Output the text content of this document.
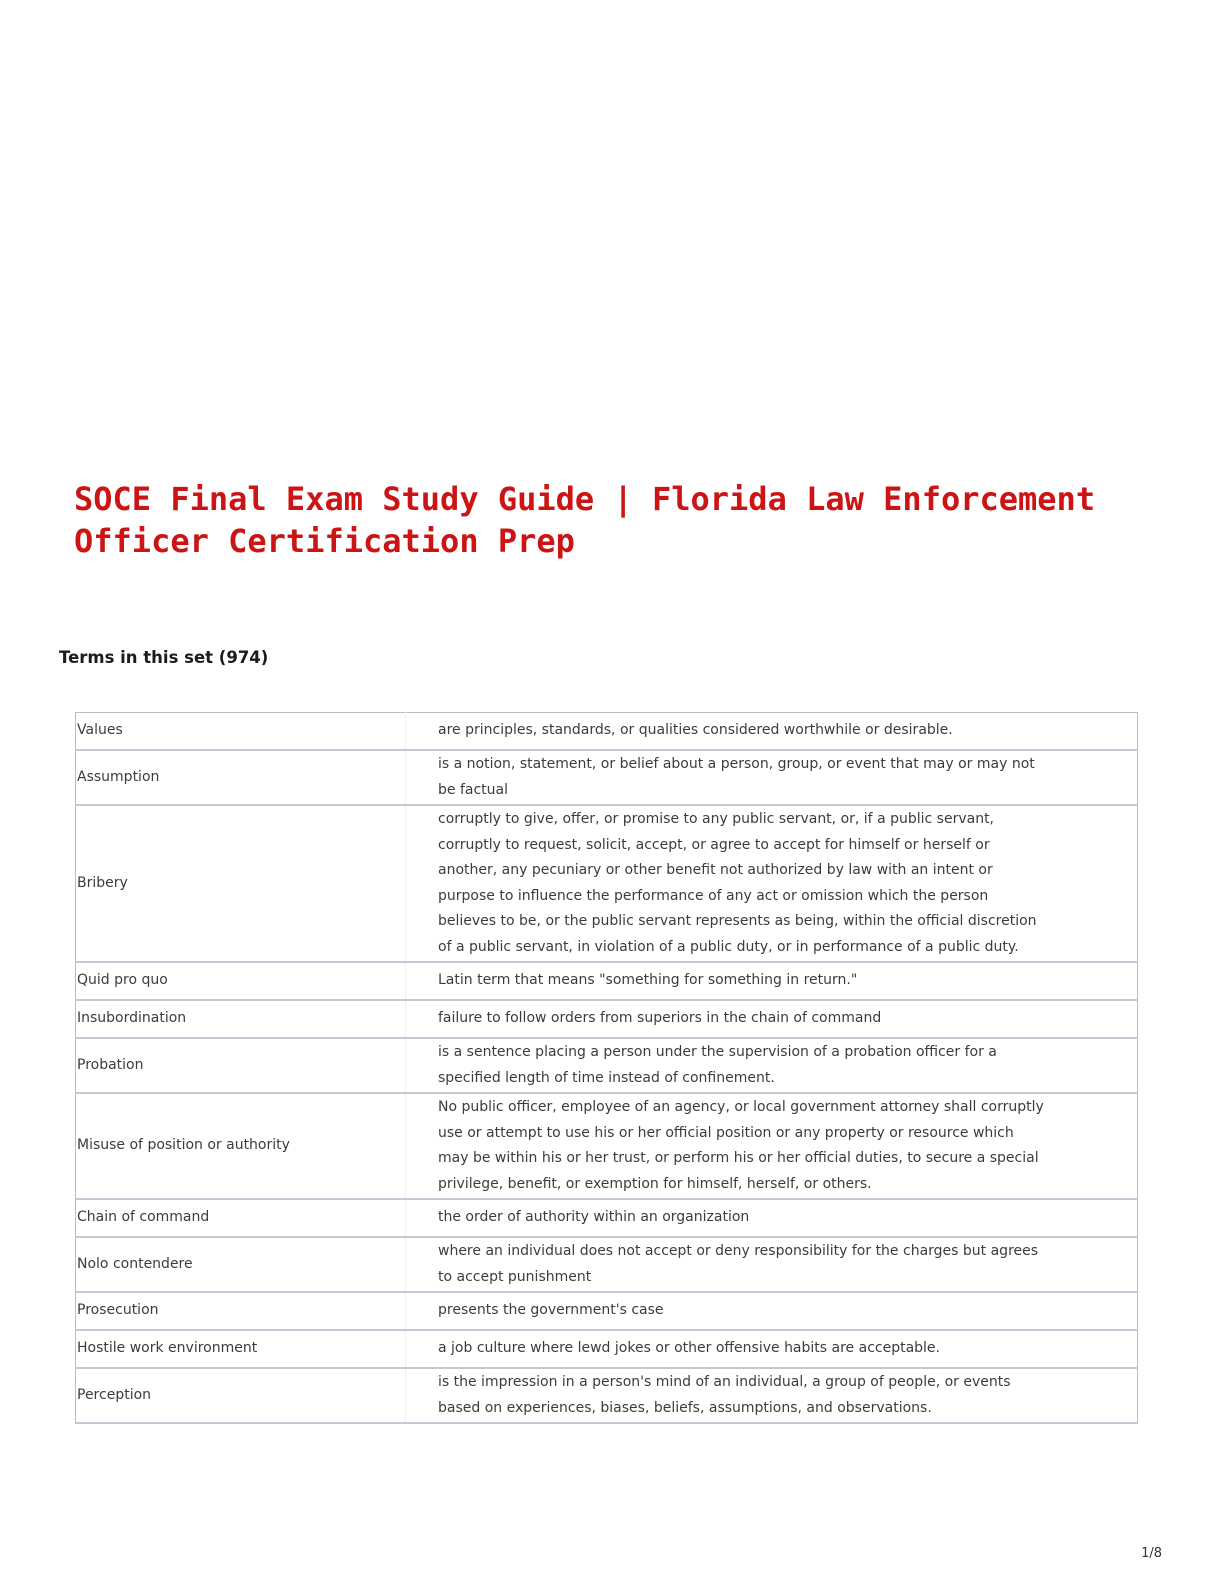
SOCE Final Exam Study Guide | Florida Law Enforcement
Officer Certification Prep
Terms in this set (974)
Values	are principles, standards, or qualities considered worthwhile or desirable.
Assumption	is a notion, statement, or belief about a person, group, or event that may or may not be factual
Bribery	corruptly to give, offer, or promise to any public servant, or, if a public servant, corruptly to request, solicit, accept, or agree to accept for himself or herself or another, any pecuniary or other benefit not authorized by law with an intent or purpose to influence the performance of any act or omission which the person believes to be, or the public servant represents as being, within the official discretion of a public servant, in violation of a public duty, or in performance of a public duty.
Quid pro quo	Latin term that means "something for something in return."
Insubordination	failure to follow orders from superiors in the chain of command
Probation	is a sentence placing a person under the supervision of a probation officer for a specified length of time instead of confinement.
Misuse of position or authority	No public officer, employee of an agency, or local government attorney shall corruptly use or attempt to use his or her official position or any property or resource which may be within his or her trust, or perform his or her official duties, to secure a special privilege, benefit, or exemption for himself, herself, or others.
Chain of command	the order of authority within an organization
Nolo contendere	where an individual does not accept or deny responsibility for the charges but agrees to accept punishment
Prosecution	presents the government's case
Hostile work environment	a job culture where lewd jokes or other offensive habits are acceptable.
Perception	is the impression in a person's mind of an individual, a group of people, or events based on experiences, biases, beliefs, assumptions, and observations.
1/8
